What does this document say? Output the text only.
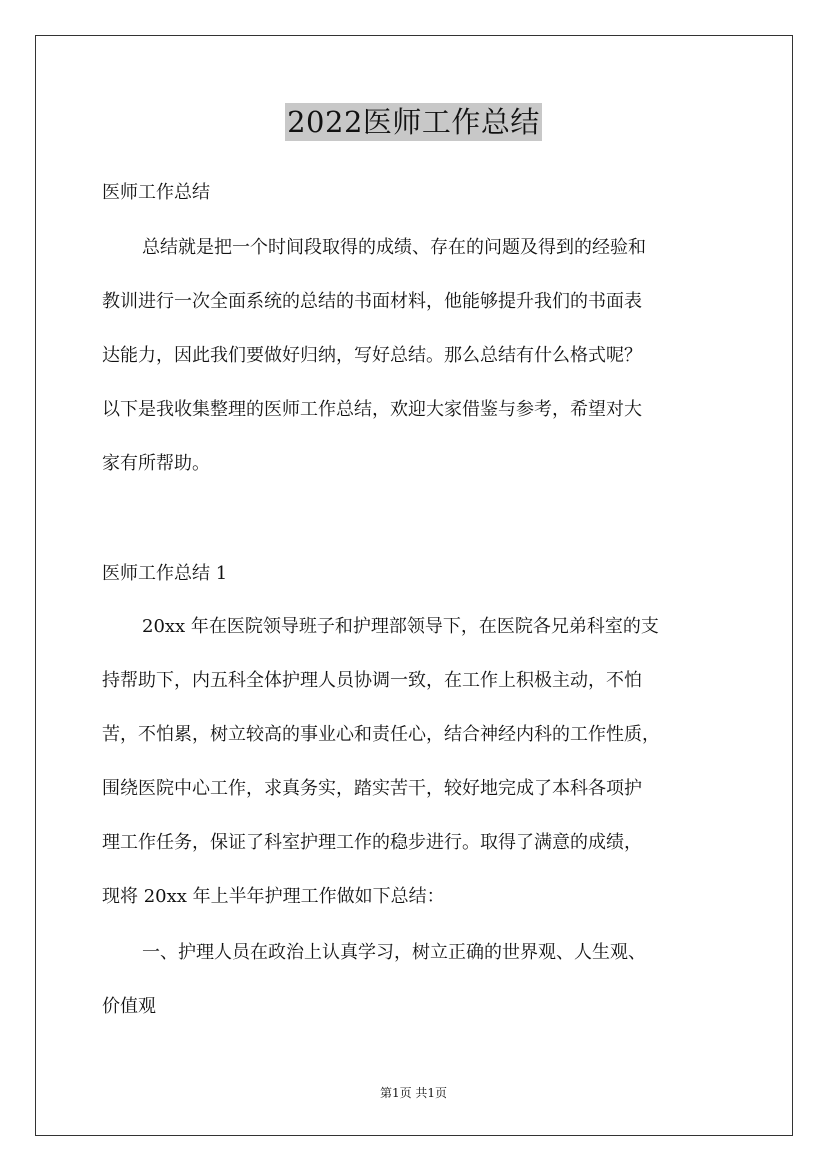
2022医师工作总结
医师工作总结
总结就是把一个时间段取得的成绩、存在的问题及得到的经验和
教训进行一次全面系统的总结的书面材料，他能够提升我们的书面表
达能力，因此我们要做好归纳，写好总结。那么总结有什么格式呢？
以下是我收集整理的医师工作总结，欢迎大家借鉴与参考，希望对大
家有所帮助。
医师工作总结 1
20xx 年在医院领导班子和护理部领导下，在医院各兄弟科室的支
持帮助下，内五科全体护理人员协调一致，在工作上积极主动，不怕
苦，不怕累，树立较高的事业心和责任心，结合神经内科的工作性质，
围绕医院中心工作，求真务实，踏实苦干，较好地完成了本科各项护
理工作任务，保证了科室护理工作的稳步进行。取得了满意的成绩，
现将 20xx 年上半年护理工作做如下总结：
一、护理人员在政治上认真学习，树立正确的世界观、人生观、
价值观
第1页 共1页
